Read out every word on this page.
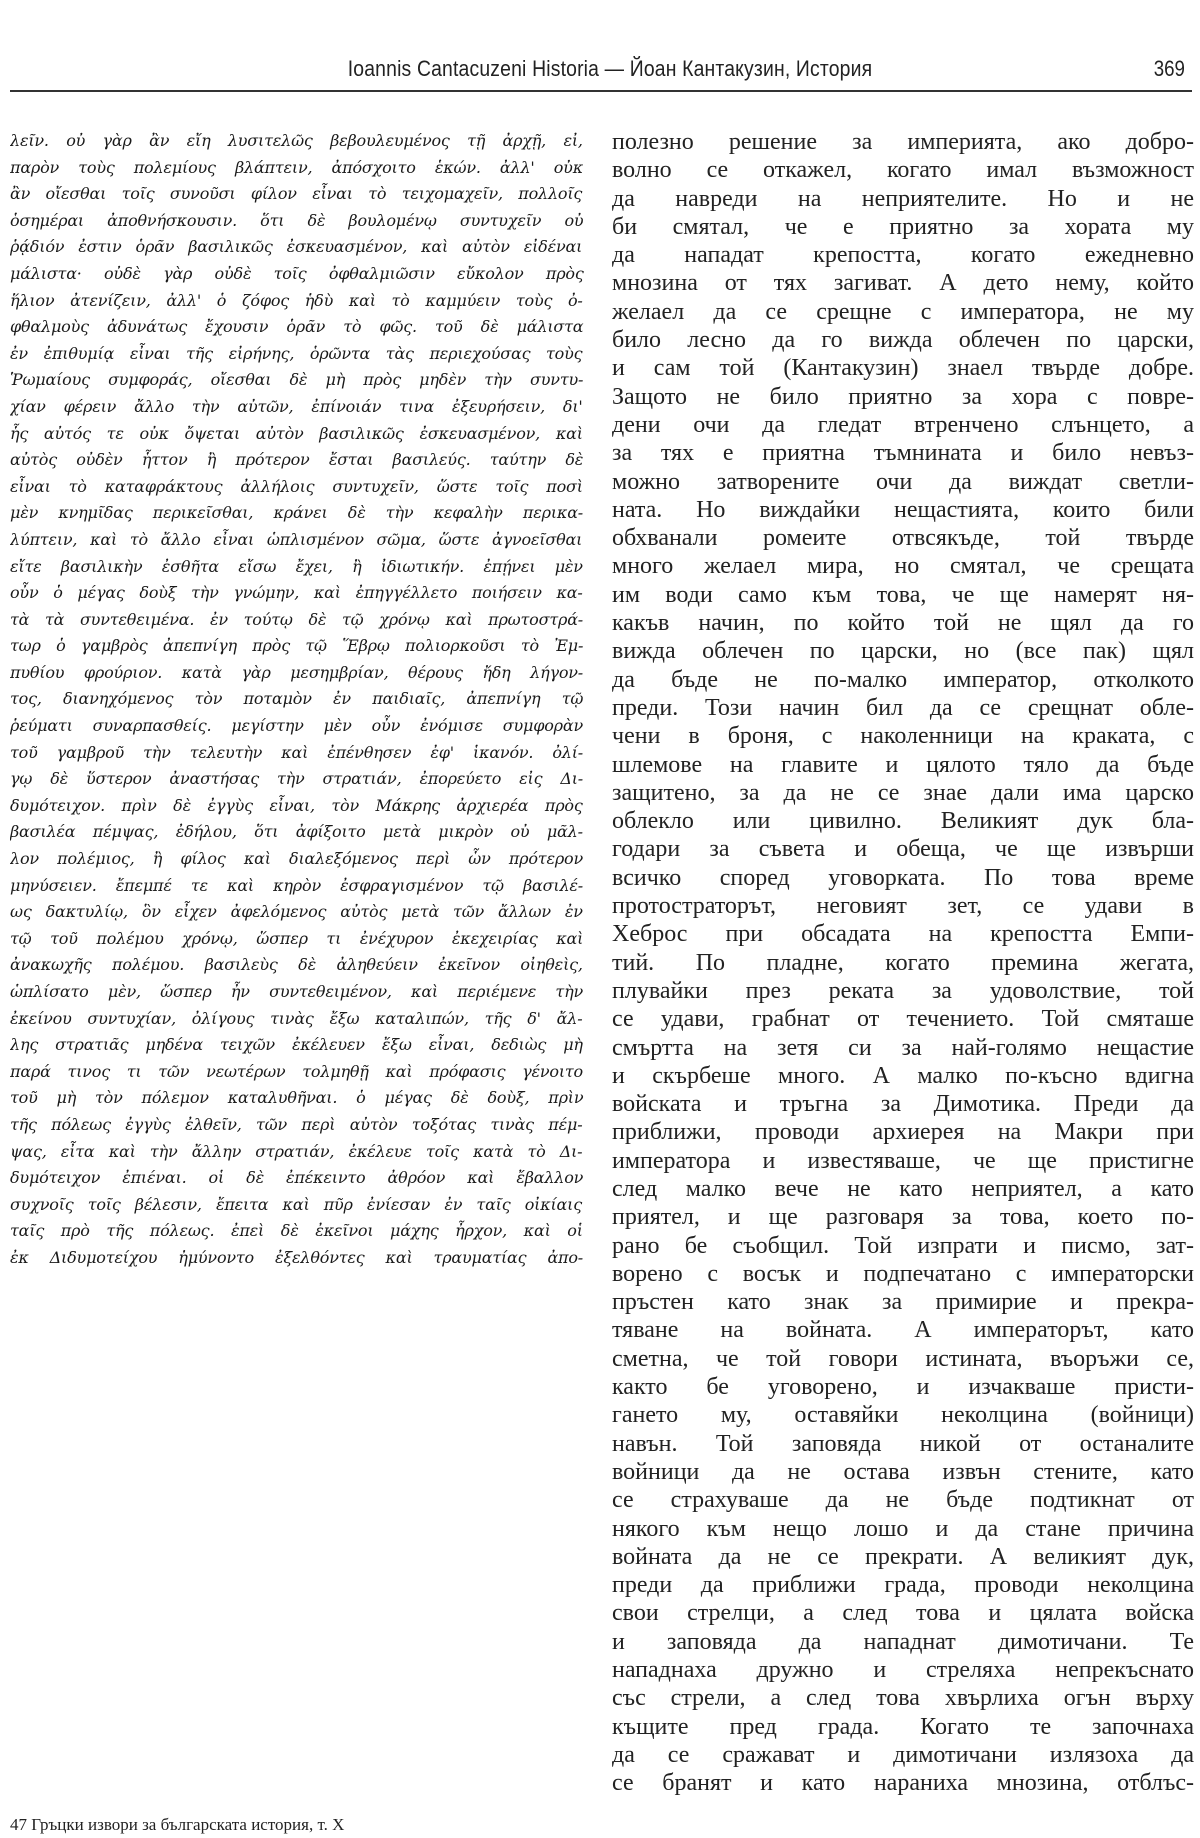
Ioannis Cantacuzeni Historia — Йоан Кантакузин, История	369
λεῖν. οὐ γὰρ ἂν εἴη λυσιτελῶς βεβουλευμένος τῇ ἀρχῇ, εἰ,
παρὸν τοὺς πολεμίους βλάπτειν, ἀπόσχοιτο ἑκών. ἀλλ' οὐκ
ἂν οἴεσθαι τοῖς συνοῦσι φίλον εἶναι τὸ τειχομαχεῖν, πολλοῖς
ὁσημέραι ἀποθνήσκουσιν. ὅτι δὲ βουλομένῳ συντυχεῖν οὐ
ῥᾴδιόν ἐστιν ὁρᾶν βασιλικῶς ἐσκευασμένον, καὶ αὐτὸν εἰδέναι
μάλιστα· οὐδὲ γὰρ οὐδὲ τοῖς ὀφθαλμιῶσιν εὔκολον πρὸς
ἥλιον ἀτενίζειν, ἀλλ' ὁ ζόφος ἡδὺ καὶ τὸ καμμύειν τοὺς ὀ-
φθαλμοὺς ἀδυνάτως ἔχουσιν ὁρᾶν τὸ φῶς. τοῦ δὲ μάλιστα
ἐν ἐπιθυμίᾳ εἶναι τῆς εἰρήνης, ὁρῶντα τὰς περιεχούσας τοὺς
Ῥωμαίους συμφοράς, οἴεσθαι δὲ μὴ πρὸς μηδὲν τὴν συντυ-
χίαν φέρειν ἄλλο τὴν αὐτῶν, ἐπίνοιάν τινα ἐξευρήσειν, δι'
ἧς αὐτός τε οὐκ ὄψεται αὐτὸν βασιλικῶς ἐσκευασμένον, καὶ
αὐτὸς οὐδὲν ἧττον ἢ πρότερον ἔσται βασιλεύς. ταύτην δὲ
εἶναι τὸ καταφράκτους ἀλλήλοις συντυχεῖν, ὥστε τοῖς ποσὶ
μὲν κνημῖδας περικεῖσθαι, κράνει δὲ τὴν κεφαλὴν περικα-
λύπτειν, καὶ τὸ ἄλλο εἶναι ὡπλισμένον σῶμα, ὥστε ἀγνοεῖσθαι
εἴτε βασιλικὴν ἐσθῆτα εἴσω ἔχει, ἢ ἰδιωτικήν. ἐπῄνει μὲν
οὖν ὁ μέγας δοὺξ τὴν γνώμην, καὶ ἐπηγγέλλετο ποιήσειν κα-
τὰ τὰ συντεθειμένα. ἐν τούτῳ δὲ τῷ χρόνῳ καὶ πρωτοστρά-
τωρ ὁ γαμβρὸς ἀπεπνίγη πρὸς τῷ Ἕβρῳ πολιορκοῦσι τὸ Ἐμ-
πυθίου φρούριον. κατὰ γὰρ μεσημβρίαν, θέρους ἤδη λήγον-
τος, διανηχόμενος τὸν ποταμὸν ἐν παιδιαῖς, ἀπεπνίγη τῷ
ῥεύματι συναρπασθείς. μεγίστην μὲν οὖν ἐνόμισε συμφορὰν
τοῦ γαμβροῦ τὴν τελευτὴν καὶ ἐπένθησεν ἐφ' ἱκανόν. ὀλί-
γῳ δὲ ὕστερον ἀναστήσας τὴν στρατιάν, ἐπορεύετο εἰς Δι-
δυμότειχον. πρὶν δὲ ἐγγὺς εἶναι, τὸν Μάκρης ἀρχιερέα πρὸς
βασιλέα πέμψας, ἐδήλου, ὅτι ἀφίξοιτο μετὰ μικρὸν οὐ μᾶλ-
λον πολέμιος, ἢ φίλος καὶ διαλεξόμενος περὶ ὧν πρότερον
μηνύσειεν. ἔπεμπέ τε καὶ κηρὸν ἐσφραγισμένον τῷ βασιλέ-
ως δακτυλίῳ, ὃν εἶχεν ἀφελόμενος αὐτὸς μετὰ τῶν ἄλλων ἐν
τῷ τοῦ πολέμου χρόνῳ, ὥσπερ τι ἐνέχυρον ἐκεχειρίας καὶ
ἀνακωχῆς πολέμου. βασιλεὺς δὲ ἀληθεύειν ἐκεῖνον οἰηθεὶς,
ὡπλίσατο μὲν, ὥσπερ ἦν συντεθειμένον, καὶ περιέμενε τὴν
ἐκείνου συντυχίαν, ὀλίγους τινὰς ἔξω καταλιπών, τῆς δ' ἄλ-
λης στρατιᾶς μηδένα τειχῶν ἐκέλευεν ἔξω εἶναι, δεδιὼς μὴ
παρά τινος τι τῶν νεωτέρων τολμηθῇ καὶ πρόφασις γένοιτο
τοῦ μὴ τὸν πόλεμον καταλυθῆναι. ὁ μέγας δὲ δοὺξ, πρὶν
τῆς πόλεως ἐγγὺς ἐλθεῖν, τῶν περὶ αὐτὸν τοξότας τινὰς πέμ-
ψας, εἶτα καὶ τὴν ἄλλην στρατιάν, ἐκέλευε τοῖς κατὰ τὸ Δι-
δυμότειχον ἐπιέναι. οἱ δὲ ἐπέκειντο ἀθρόον καὶ ἔβαλλον
συχνοῖς τοῖς βέλεσιν, ἔπειτα καὶ πῦρ ἐνίεσαν ἐν ταῖς οἰκίαις
ταῖς πρὸ τῆς πόλεως. ἐπεὶ δὲ ἐκεῖνοι μάχης ἦρχον, καὶ οἱ
ἐκ Διδυμοτείχου ἠμύνοντο ἐξελθόντες καὶ τραυματίας ἀπο-
полезно решение за империята, ако добро-
волно се откажел, когато имал възможност
да навреди на неприятелите. Но и не
би смятал, че е приятно за хората му
да нападат крепостта, когато ежедневно
мнозина от тях загиват. А дето нему, който
желаел да се срещне с императора, не му
било лесно да го вижда облечен по царски,
и сам той (Кантакузин) знаел твърде добре.
Защото не било приятно за хора с повре-
дени очи да гледат втренчено слънцето, а
за тях е приятна тъмнината и било невъз-
можно затворените очи да виждат светли-
ната. Но виждайки нещастията, които били
обхванали ромеите отвсякъде, той твърде
много желаел мира, но смятал, че срещата
им води само към това, че ще намерят ня-
какъв начин, по който той не щял да го
вижда облечен по царски, но (все пак) щял
да бъде не по-малко император, отколкото
преди. Този начин бил да се срещнат обле-
чени в броня, с наколенници на краката, с
шлемове на главите и цялото тяло да бъде
защитено, за да не се знае дали има царско
облекло или цивилно. Великият дук бла-
годари за съвета и обеща, че ще извърши
всичко според уговорката. По това време
протостраторът, неговият зет, се удави в
Хеброс при обсадата на крепостта Емпи-
тий. По пладне, когато премина жегата,
плувайки през реката за удоволствие, той
се удави, грабнат от течението. Той смяташе
смъртта на зетя си за най-голямо нещастие
и скърбеше много. А малко по-късно вдигна
войската и тръгна за Димотика. Преди да
приближи, проводи архиерея на Макри при
императора и известяваше, че ще пристигне
след малко вече не като неприятел, а като
приятел, и ще разговаря за това, което по-
рано бе съобщил. Той изпрати и писмо, зат-
ворено с восък и подпечатано с императорски
пръстен като знак за примирие и прекра-
тяване на войната. А императорът, като
сметна, че той говори истината, въоръжи се,
както бе уговорено, и изчакваше присти-
гането му, оставяйки неколцина (войници)
навън. Той заповяда никой от останалите
войници да не остава извън стените, като
се страхуваше да не бъде подтикнат от
някого към нещо лошо и да стане причина
войната да не се прекрати. А великият дук,
преди да приближи града, проводи неколцина
свои стрелци, а след това и цялата войска
и заповяда да нападнат димотичани. Те
нападнаха дружно и стреляха непрекъснато
със стрели, а след това хвърлиха огън върху
къщите пред града. Когато те започнаха
да се сражават и димотичани излязоха да
се бранят и като нараниха мнозина, отблъс-
47 Гръцки извори за българската история, т. X
